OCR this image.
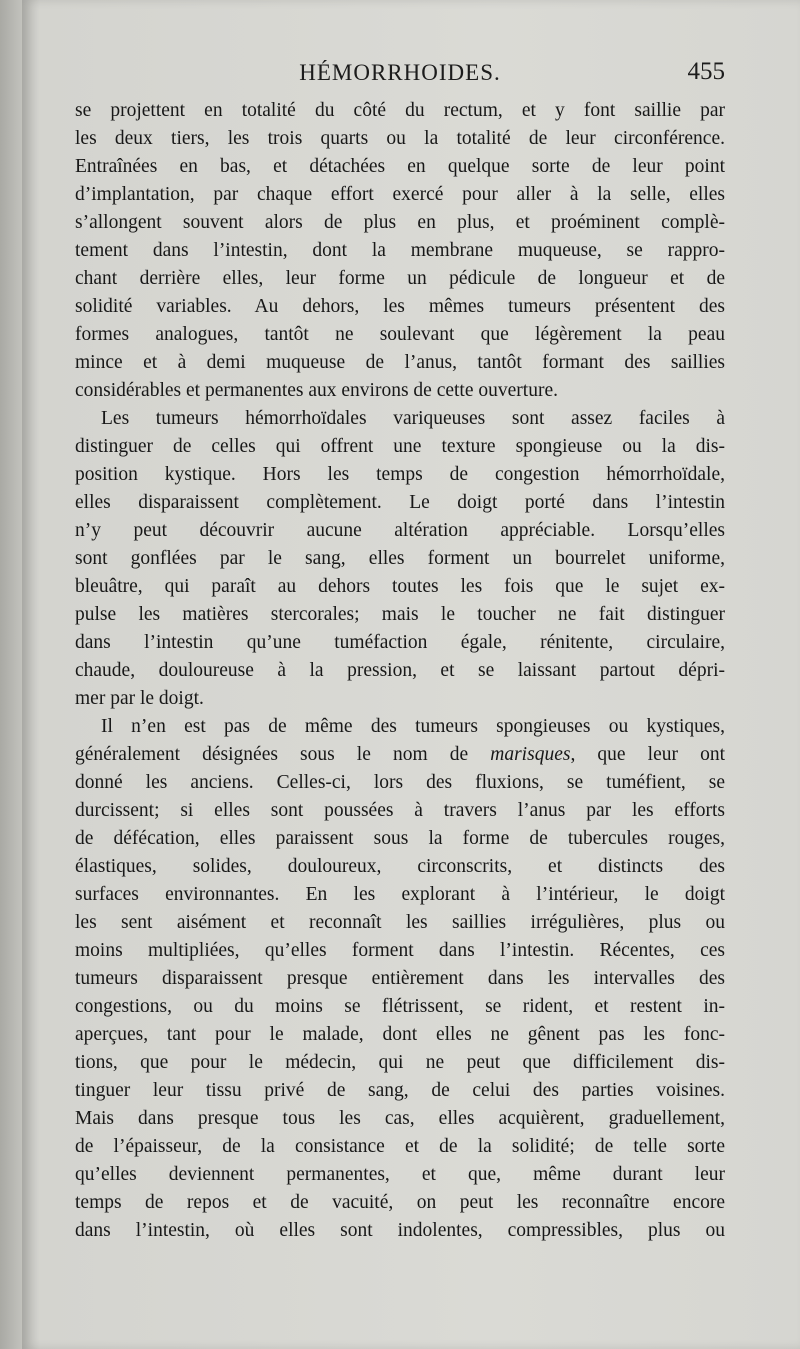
HÉMORRHOIDES.	455
se projettent en totalité du côté du rectum, et y font saillie par
les deux tiers, les trois quarts ou la totalité de leur circonférence.
Entraînées en bas, et détachées en quelque sorte de leur point
d’implantation, par chaque effort exercé pour aller à la selle, elles
s’allongent souvent alors de plus en plus, et proéminent complè-
tement dans l’intestin, dont la membrane muqueuse, se rappro-
chant derrière elles, leur forme un pédicule de longueur et de
solidité variables. Au dehors, les mêmes tumeurs présentent des
formes analogues, tantôt ne soulevant que légèrement la peau
mince et à demi muqueuse de l’anus, tantôt formant des saillies
considérables et permanentes aux environs de cette ouverture.
Les tumeurs hémorrhoïdales variqueuses sont assez faciles à
distinguer de celles qui offrent une texture spongieuse ou la dis-
position kystique. Hors les temps de congestion hémorrhoïdale,
elles disparaissent complètement. Le doigt porté dans l’intestin
n’y peut découvrir aucune altération appréciable. Lorsqu’elles
sont gonflées par le sang, elles forment un bourrelet uniforme,
bleuâtre, qui paraît au dehors toutes les fois que le sujet ex-
pulse les matières stercorales; mais le toucher ne fait distinguer
dans l’intestin qu’une tuméfaction égale, rénitente, circulaire,
chaude, douloureuse à la pression, et se laissant partout dépri-
mer par le doigt.
Il n’en est pas de même des tumeurs spongieuses ou kystiques,
généralement désignées sous le nom de marisques, que leur ont
donné les anciens. Celles-ci, lors des fluxions, se tuméfient, se
durcissent; si elles sont poussées à travers l’anus par les efforts
de défécation, elles paraissent sous la forme de tubercules rouges,
élastiques, solides, douloureux, circonscrits, et distincts des
surfaces environnantes. En les explorant à l’intérieur, le doigt
les sent aisément et reconnaît les saillies irrégulières, plus ou
moins multipliées, qu’elles forment dans l’intestin. Récentes, ces
tumeurs disparaissent presque entièrement dans les intervalles des
congestions, ou du moins se flétrissent, se rident, et restent in-
aperçues, tant pour le malade, dont elles ne gênent pas les fonc-
tions, que pour le médecin, qui ne peut que difficilement dis-
tinguer leur tissu privé de sang, de celui des parties voisines.
Mais dans presque tous les cas, elles acquièrent, graduellement,
de l’épaisseur, de la consistance et de la solidité; de telle sorte
qu’elles deviennent permanentes, et que, même durant leur
temps de repos et de vacuité, on peut les reconnaître encore
dans l’intestin, où elles sont indolentes, compressibles, plus ou
